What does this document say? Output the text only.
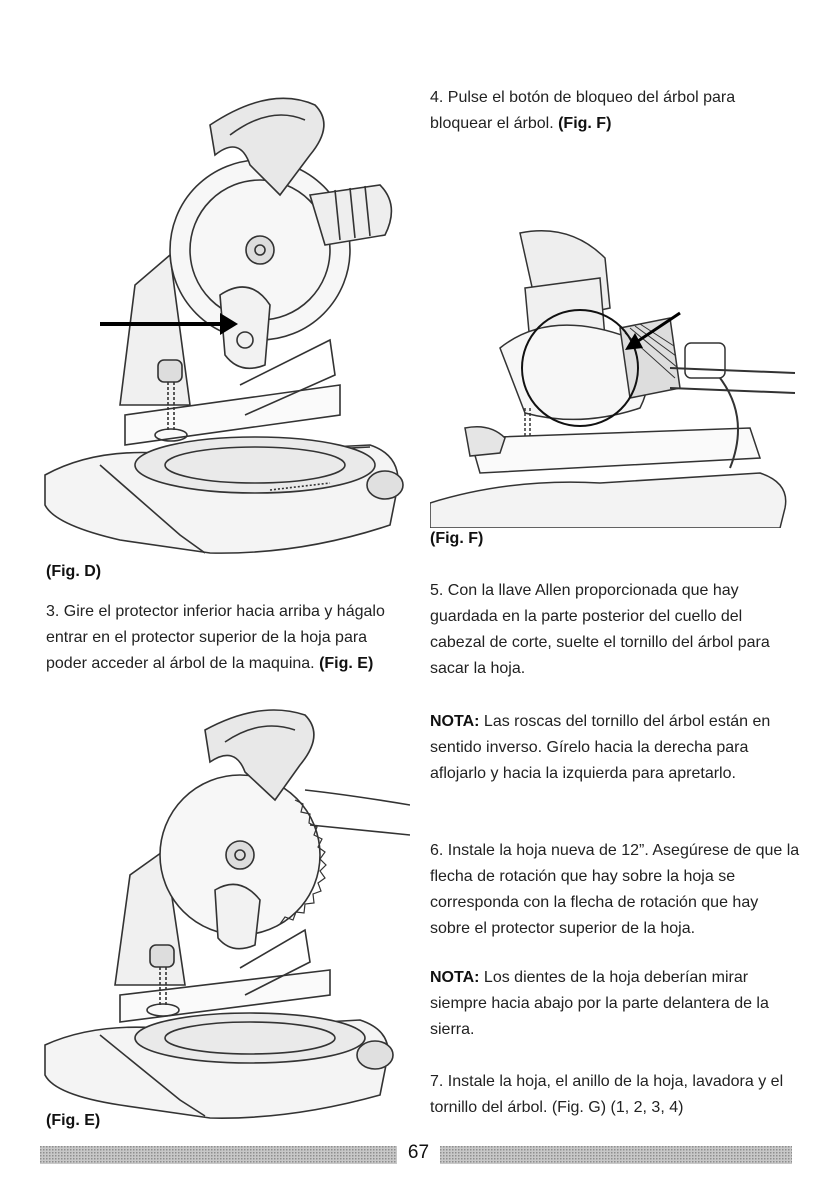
(Fig. D)

3. Gire el protector inferior hacia arriba y hágalo entrar en el protector superior de la hoja para poder acceder al árbol de la maquina. (Fig. E)

(Fig. E)

4. Pulse el botón de bloqueo del árbol para bloquear el árbol. (Fig. F)

(Fig. F)

5. Con la llave Allen proporcionada que hay guardada en la parte posterior del cuello del cabezal de corte, suelte el tornillo del árbol para sacar la hoja.

NOTA: Las roscas del tornillo del árbol están en sentido inverso. Gírelo hacia la derecha para aflojarlo y hacia la izquierda para apretarlo.

6. Instale la hoja nueva de 12”. Asegúrese de que la flecha de rotación que hay sobre la hoja se corresponda con la flecha de rotación que hay sobre el protector superior de la hoja.

NOTA: Los dientes de la hoja deberían mirar siempre hacia abajo por la parte delantera de la sierra.

7. Instale la hoja, el anillo de la hoja, lavadora y el tornillo del árbol. (Fig. G) (1, 2, 3, 4)

67
